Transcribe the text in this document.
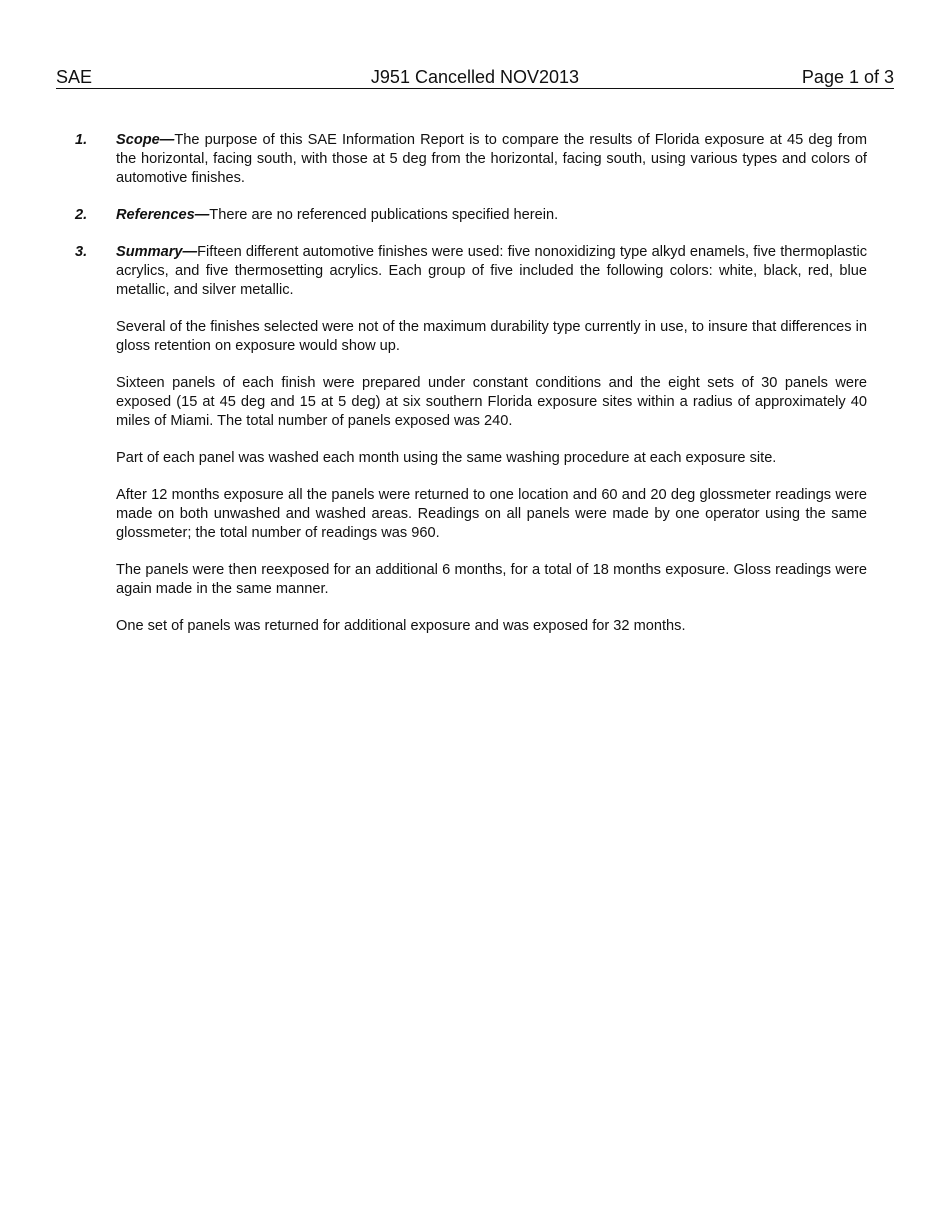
SAE	J951 Cancelled NOV2013	Page 1 of 3
1. Scope—The purpose of this SAE Information Report is to compare the results of Florida exposure at 45 deg from the horizontal, facing south, with those at 5 deg from the horizontal, facing south, using various types and colors of automotive finishes.

2. References—There are no referenced publications specified herein.

3. Summary—Fifteen different automotive finishes were used: five nonoxidizing type alkyd enamels, five thermoplastic acrylics, and five thermosetting acrylics. Each group of five included the following colors: white, black, red, blue metallic, and silver metallic.

Several of the finishes selected were not of the maximum durability type currently in use, to insure that differences in gloss retention on exposure would show up.

Sixteen panels of each finish were prepared under constant conditions and the eight sets of 30 panels were exposed (15 at 45 deg and 15 at 5 deg) at six southern Florida exposure sites within a radius of approximately 40 miles of Miami. The total number of panels exposed was 240.

Part of each panel was washed each month using the same washing procedure at each exposure site.

After 12 months exposure all the panels were returned to one location and 60 and 20 deg glossmeter readings were made on both unwashed and washed areas. Readings on all panels were made by one operator using the same glossmeter; the total number of readings was 960.

The panels were then reexposed for an additional 6 months, for a total of 18 months exposure. Gloss readings were again made in the same manner.

One set of panels was returned for additional exposure and was exposed for 32 months.
